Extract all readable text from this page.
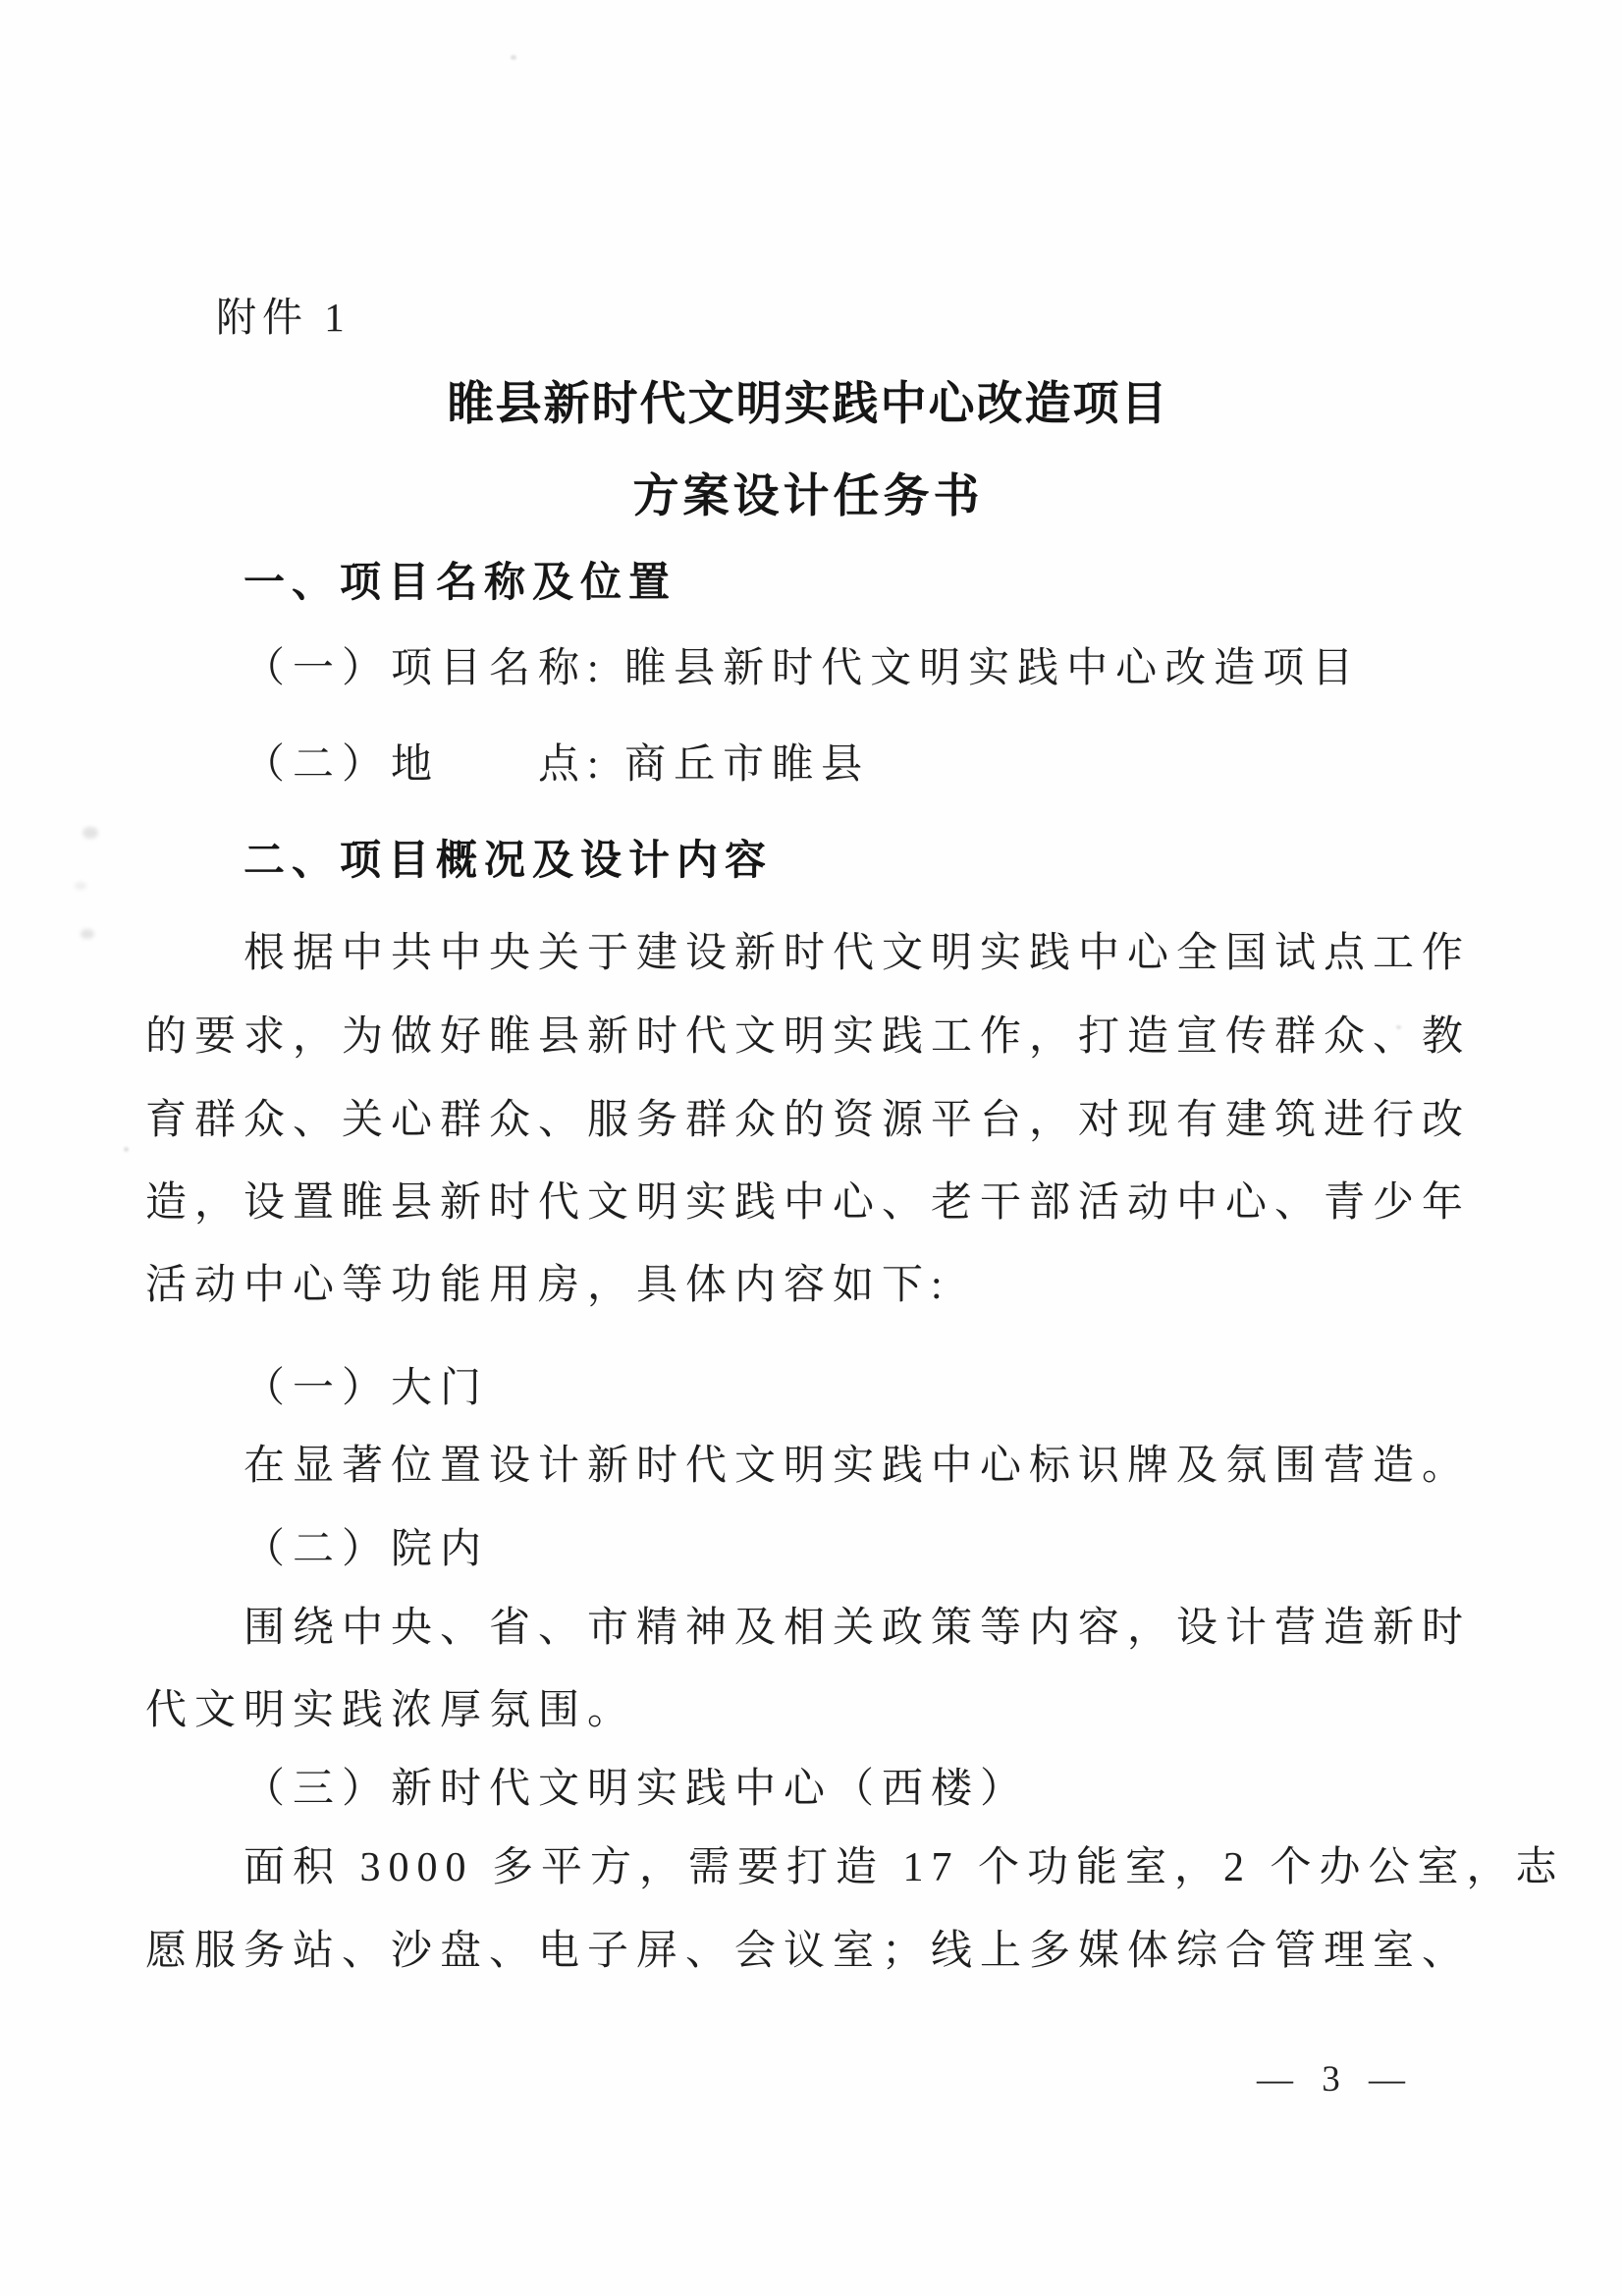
附件 1
睢县新时代文明实践中心改造项目
方案设计任务书
一、项目名称及位置
（一）项目名称: 睢县新时代文明实践中心改造项目
（二）地　　点: 商丘市睢县
二、项目概况及设计内容
根据中共中央关于建设新时代文明实践中心全国试点工作
的要求，为做好睢县新时代文明实践工作，打造宣传群众、教
育群众、关心群众、服务群众的资源平台，对现有建筑进行改
造，设置睢县新时代文明实践中心、老干部活动中心、青少年
活动中心等功能用房，具体内容如下:
（一）大门
在显著位置设计新时代文明实践中心标识牌及氛围营造。
（二）院内
围绕中央、省、市精神及相关政策等内容，设计营造新时
代文明实践浓厚氛围。
（三）新时代文明实践中心（西楼）
面积 3000 多平方，需要打造 17 个功能室，2 个办公室，志
愿服务站、沙盘、电子屏、会议室；线上多媒体综合管理室、
— 3 —
